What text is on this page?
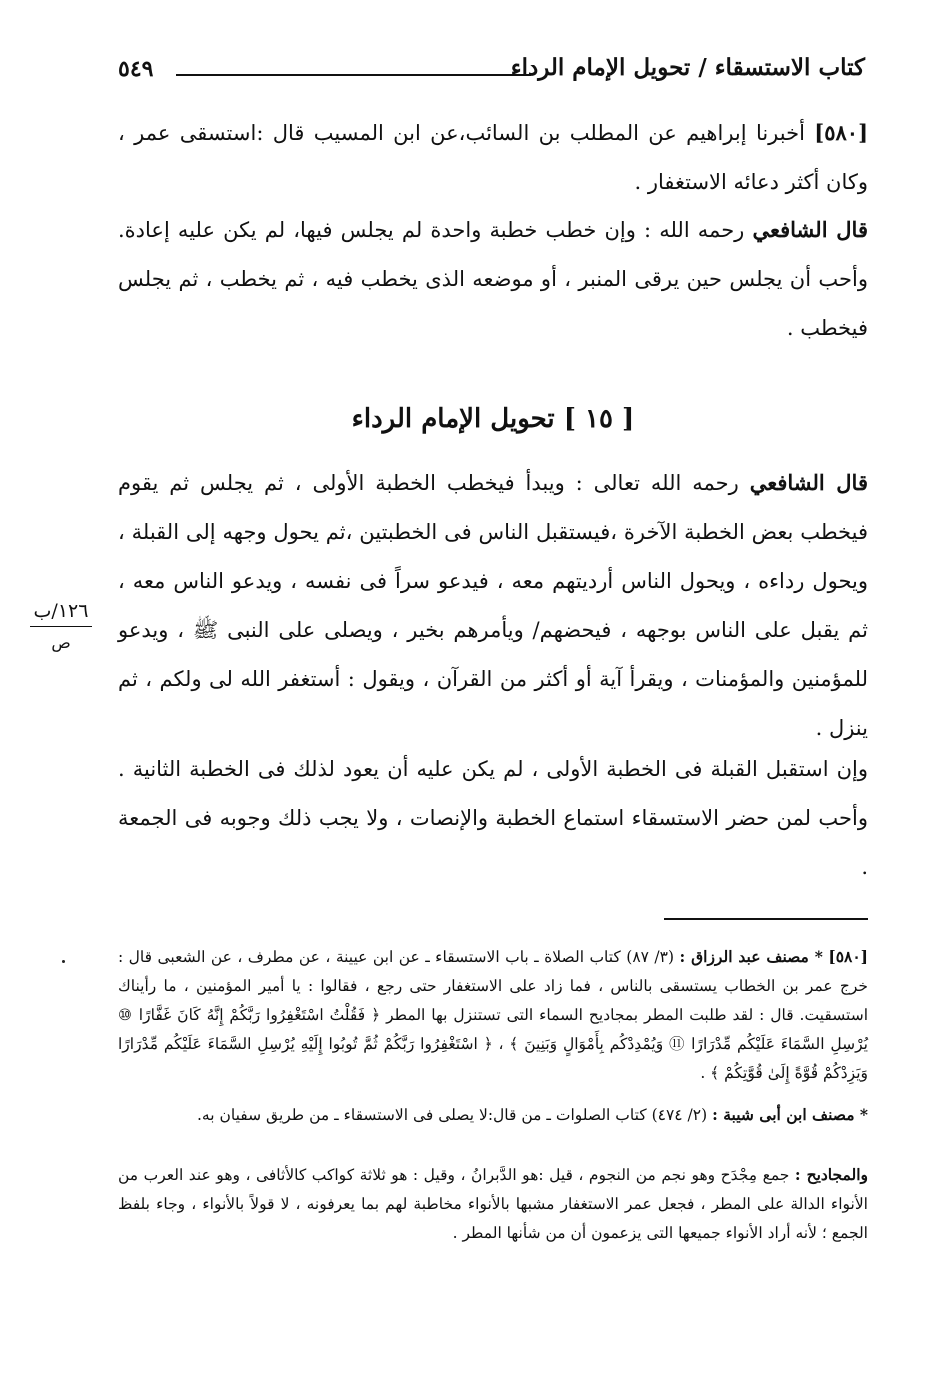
٥٤٩	كتاب الاستسقاء / تحويل الإمام الرداء
[٥٨٠] أخبرنا إبراهيم عن المطلب بن السائب،عن ابن المسيب قال :استسقى عمر ، وكان أكثر دعائه الاستغفار .
قال الشافعي رحمه الله : وإن خطب خطبة واحدة لم يجلس فيها، لم يكن عليه إعادة. وأحب أن يجلس حين يرقى المنبر ، أو موضعه الذى يخطب فيه ، ثم يخطب ، ثم يجلس فيخطب .
[ ١٥ ] تحويل الإمام الرداء
قال الشافعي رحمه الله تعالى : ويبدأ فيخطب الخطبة الأولى ، ثم يجلس ثم يقوم فيخطب بعض الخطبة الآخرة ،فيستقبل الناس فى الخطبتين ،ثم يحول وجهه إلى القبلة ، ويحول رداءه ، ويحول الناس أرديتهم معه ، فيدعو سراً فى نفسه ، ويدعو الناس معه ، ثم يقبل على الناس بوجهه ، فيحضهم/ ويأمرهم بخير ، ويصلى على النبى ﷺ ، ويدعو للمؤمنين والمؤمنات ، ويقرأ آية أو أكثر من القرآن ، ويقول : أستغفر الله لى ولكم ، ثم ينزل .
وإن استقبل القبلة فى الخطبة الأولى ، لم يكن عليه أن يعود لذلك فى الخطبة الثانية . وأحب لمن حضر الاستسقاء استماع الخطبة والإنصات ، ولا يجب ذلك وجوبه فى الجمعة .
١٢٦/ب
ص
[٥٨٠] * مصنف عبد الرزاق : (٣/ ٨٧) كتاب الصلاة ـ باب الاستسقاء ـ عن ابن عيينة ، عن مطرف ، عن الشعبى قال : خرج عمر بن الخطاب يستسقى بالناس ، فما زاد على الاستغفار حتى رجع ، فقالوا : يا أمير المؤمنين ، ما رأيناك استسقيت. قال : لقد طلبت المطر بمجاديح السماء التى تستنزل بها المطر ﴿ فَقُلْتُ اسْتَغْفِرُوا رَبَّكُمْ إِنَّهُ كَانَ غَفَّارًا ⑩ يُرْسِلِ السَّمَاءَ عَلَيْكُم مِّدْرَارًا ⑪ وَيُمْدِدْكُم بِأَمْوَالٍ وَبَنِينَ ﴾ ، ﴿ اسْتَغْفِرُوا رَبَّكُمْ ثُمَّ تُوبُوا إِلَيْهِ يُرْسِلِ السَّمَاءَ عَلَيْكُم مِّدْرَارًا وَيَزِدْكُمْ قُوَّةً إِلَىٰ قُوَّتِكُمْ ﴾ .
* مصنف ابن أبى شيبة : (٢/ ٤٧٤) كتاب الصلوات ـ من قال:لا يصلى فى الاستسقاء ـ من طريق سفيان به.
والمجاديح : جمع مِجْدَح وهو نجم من النجوم ، قيل :هو الدَّبرانُ ، وقيل : هو ثلاثة كواكب كالأثافى ، وهو عند العرب من الأنواء الدالة على المطر ، فجعل عمر الاستغفار مشبها بالأنواء مخاطبة لهم بما يعرفونه ، لا قولاً بالأنواء ، وجاء بلفظ الجمع ؛ لأنه أراد الأنواء جميعها التى يزعمون أن من شأنها المطر .
